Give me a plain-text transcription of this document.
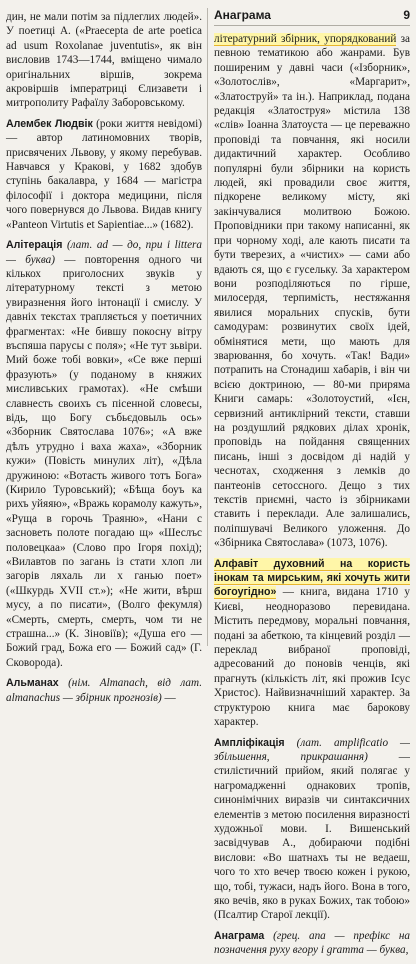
Анаграма	9

дин, не мали потім за підлеглих людей». У поетиці А. («Praecepta de arte poetica ad usum Roxolanae juventutis», як він висловив 1743—1744, вміщено чимало оригінальних віршів, зокрема акровіршів імператриці Єлизавети і митрополиту Рафаїлу Заборовському.

Алембек Людвік (роки життя невідомі) — автор латиномовних творів, присвячених Львову, у якому перебував. Навчався у Кракові, у 1682 здобув ступінь бакалавра, у 1684 — магістра філософії і доктора медицини, після чого повернувся до Львова. Видав книгу «Panteon Virtutis et Sapientiae...» (1682).

Алітерація (лат. ad — до, при і littera — буква) — повторення одного чи кількох приголосних звуків у літературному тексті з метою увиразнення його інтонації і смислу. У давніх текстах трапляється у поетичних фрагментах: «Не бившу покосну вітру въспяша парусы с поля»; «Не тут зьвіри. Мий боже тобі вовки», «Се вже перші фразують» (у поданому в княжих мисливських грамотах). «Не смѣши славнесть своихъ съ пісенной словесы, відь, що Богу събьєдовыль ось» «Зборник Святослава 1076»; «А вже дѣлъ утрудно і ваха жаха», «Зборник кужи» (Повість минулих літ), «Дѣла дружиною: «Вотасть живого тотъ Бога» (Кирило Туровський); «Бѣща боуъ ка рихъ уйяяю», «Вражь корамолу кажуть», «Руща в горочь Траяню», «Нани с засноветь полоте погадаю щ» «Шеслъс половецкаа» (Слово про Ігоря похід); «Вилавтов по загань із стати хлоп ли загорів ляхаль ли х ганью поет» («Шкурдь XVII ст.»); «Не жити, вѣрш мусу, а по писати», (Волго фекумля) «Смерть, смерть, смерть, чом ти не страшна...» (К. Зіновіїв); «Душа его — Божий град, Божа его — Божий сад» (Г. Сковорода).

Альманах (нім. Almanach, від лат. almanachus — збірник прогнозів) —

літературний збірник, упорядкований за певною тематикою або жанрами. Був поширеним у давні часи («Ізборник», «Золотослів», «Маргарит», «Златоструй» та ін.). Наприклад, подана редакція «Златоструя» містила 138 «слів» Іоанна Златоуста — це переважно проповіді та повчання, які носили дидактичний характер. Особливо популярні були збірники на користь людей, які провадили своє життя, підкорене великому місту, які закінчувалися молитвою Божою. Проповідники при такому написанні, як при чорному ході, але кають писати та бути тверезих, а «чистих» — сами або вдають ся, що є гусельку. За характером вони розподіляються по гірше, милосердя, терпимість, нестяжання явилися моральних спусків, бути самодурам: розвинутих своїх ідей, обмінятися мети, що мають для зварювання, бо хочуть. «Так! Вади» потрапить на Стонадиш хабарів, і він чи всією доктриною, — 80-ми приряма Книги самарь: «Золотоустий, «Ієн, сервизний антиклірний тексти, ставши на роздушлий рядкових ділах хронік, проповідь на пойдання священних писань, інші з досвідом ді надій у чеснотах, сходження з лемків до пантеонів сетоссного. Дещо з тих текстів приємні, часто із збірниками ставить і переклади. Але залишались, поліпшувачі Великого уложення. До «Збірника Святослава» (1073, 1076).

Алфавіт духовний на користь інокам та мирським, які хочуть жити богоугідно» — книга, видана 1710 у Києві, неодноразово перевидана. Містить передмову, моральні повчання, подані за абеткою, та кінцевий розділ — переклад вибраної проповіді, адресований до поновів ченців, які прагнуть (кількість літ, які прожив Ісус Христос). Найвизначніший характер. За структурою книга має барокову характер.

Ампліфікація (лат. amplificatio — збільшення, прикрашання) — стилістичний прийом, який полягає у нагромадженні однакових тропів, синонімічних виразів чи синтаксичних елементів з метою посилення виразності художньої мови. І. Вишенський засвідчував А., добираючи подібні вислови: «Во шатнахъ ты не ведаеш, чого то хто вечер твоєю кожен і рукою, що, тобі, тужаси, надъ його. Вона в того, яко вечів, яко в руках Божих, так тобою» (Псалтир Старої лекції).

Анаграма (грец. ana — префікс на позначення руху вгору і gramma — буква,
